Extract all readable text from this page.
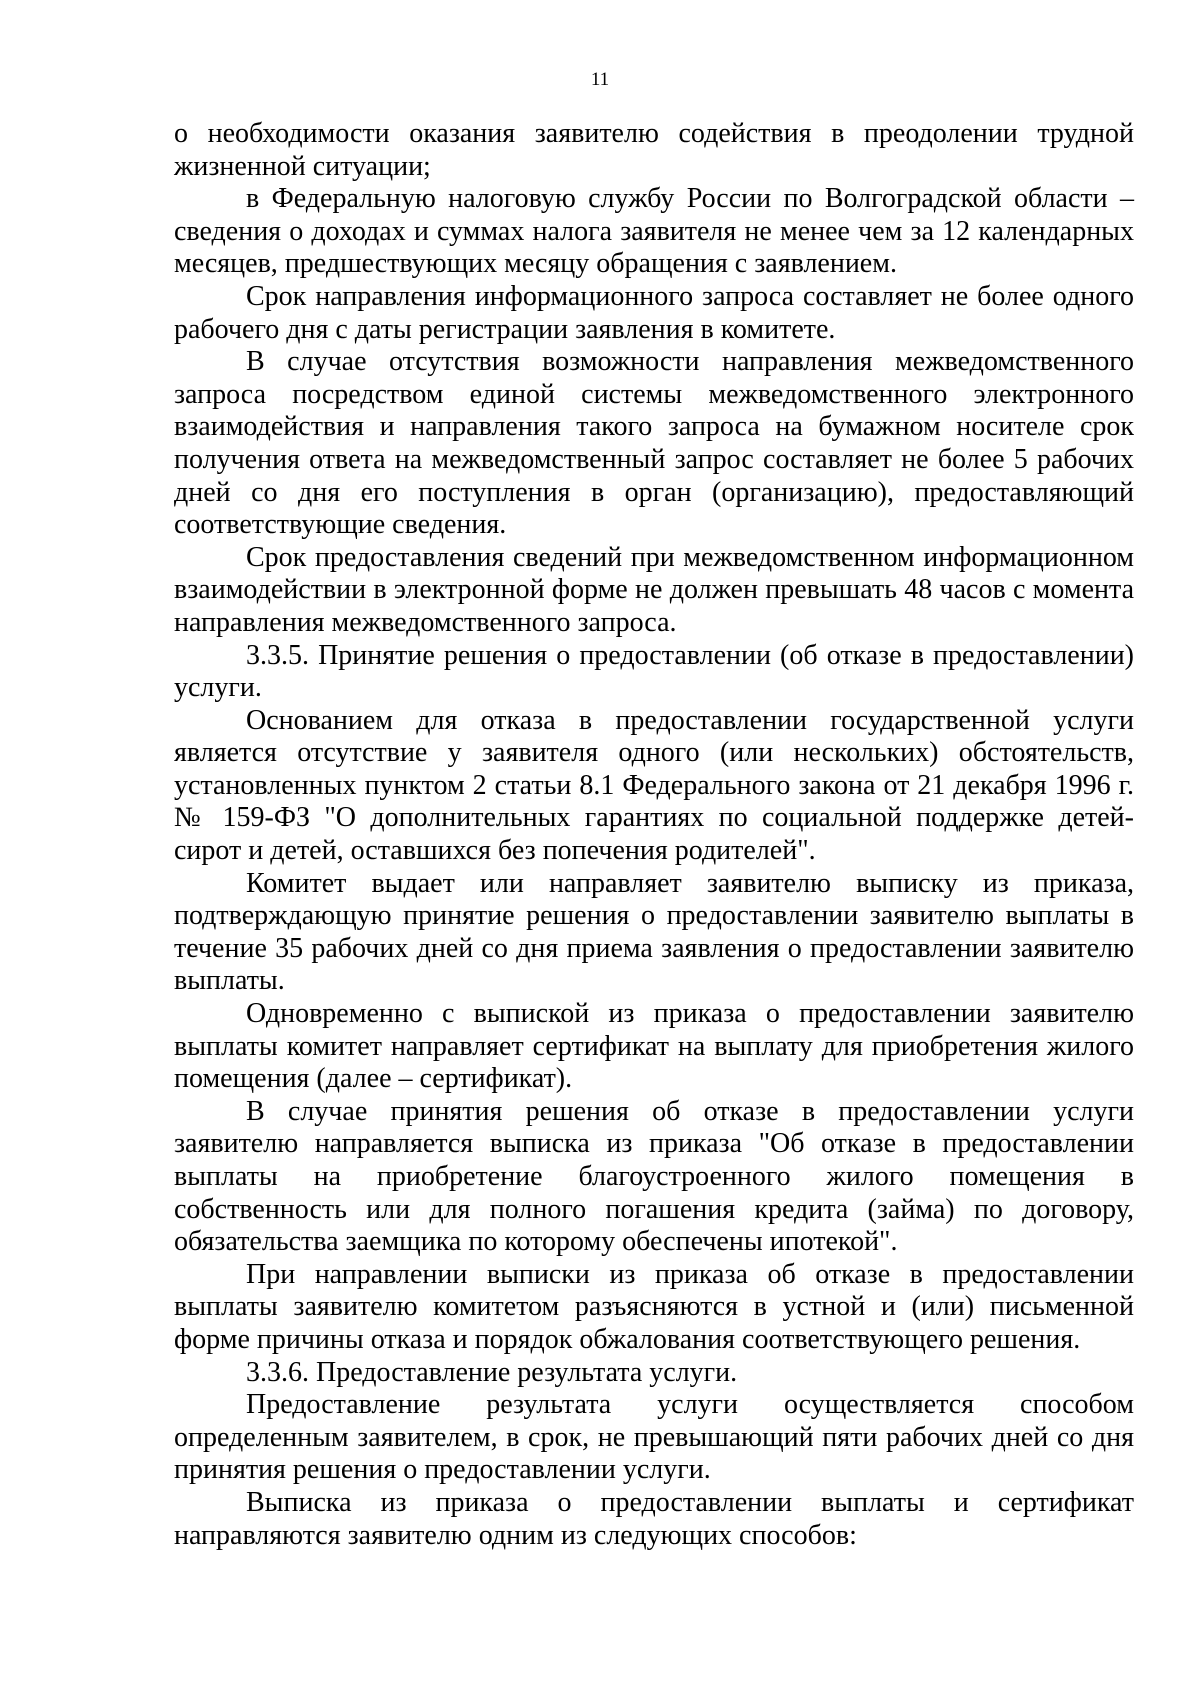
11

о необходимости оказания заявителю содействия в преодолении трудной жизненной ситуации;

в Федеральную налоговую службу России по Волгоградской области – сведения о доходах и суммах налога заявителя не менее чем за 12 календарных месяцев, предшествующих месяцу обращения с заявлением.

Срок направления информационного запроса составляет не более одного рабочего дня с даты регистрации заявления в комитете.

В случае отсутствия возможности направления межведомственного запроса посредством единой системы межведомственного электронного взаимодействия и направления такого запроса на бумажном носителе срок получения ответа на межведомственный запрос составляет не более 5 рабочих дней со дня его поступления в орган (организацию), предоставляющий соответствующие сведения.

Срок предоставления сведений при межведомственном информационном взаимодействии в электронной форме не должен превышать 48 часов с момента направления межведомственного запроса.

3.3.5. Принятие решения о предоставлении (об отказе в предоставлении) услуги.

Основанием для отказа в предоставлении государственной услуги является отсутствие у заявителя одного (или нескольких) обстоятельств, установленных пунктом 2 статьи 8.1 Федерального закона от 21 декабря 1996 г. № 159-ФЗ "О дополнительных гарантиях по социальной поддержке детей-сирот и детей, оставшихся без попечения родителей".

Комитет выдает или направляет заявителю выписку из приказа, подтверждающую принятие решения о предоставлении заявителю выплаты в течение 35 рабочих дней со дня приема заявления о предоставлении заявителю выплаты.

Одновременно с выпиской из приказа о предоставлении заявителю выплаты комитет направляет сертификат на выплату для приобретения жилого помещения (далее – сертификат).

В случае принятия решения об отказе в предоставлении услуги заявителю направляется выписка из приказа "Об отказе в предоставлении выплаты на приобретение благоустроенного жилого помещения в собственность или для полного погашения кредита (займа) по договору, обязательства заемщика по которому обеспечены ипотекой".

При направлении выписки из приказа об отказе в предоставлении выплаты заявителю комитетом разъясняются в устной и (или) письменной форме причины отказа и порядок обжалования соответствующего решения.

3.3.6. Предоставление результата услуги.

Предоставление результата услуги осуществляется способом определенным заявителем, в срок, не превышающий пяти рабочих дней со дня принятия решения о предоставлении услуги.

Выписка из приказа о предоставлении выплаты и сертификат направляются заявителю одним из следующих способов:
